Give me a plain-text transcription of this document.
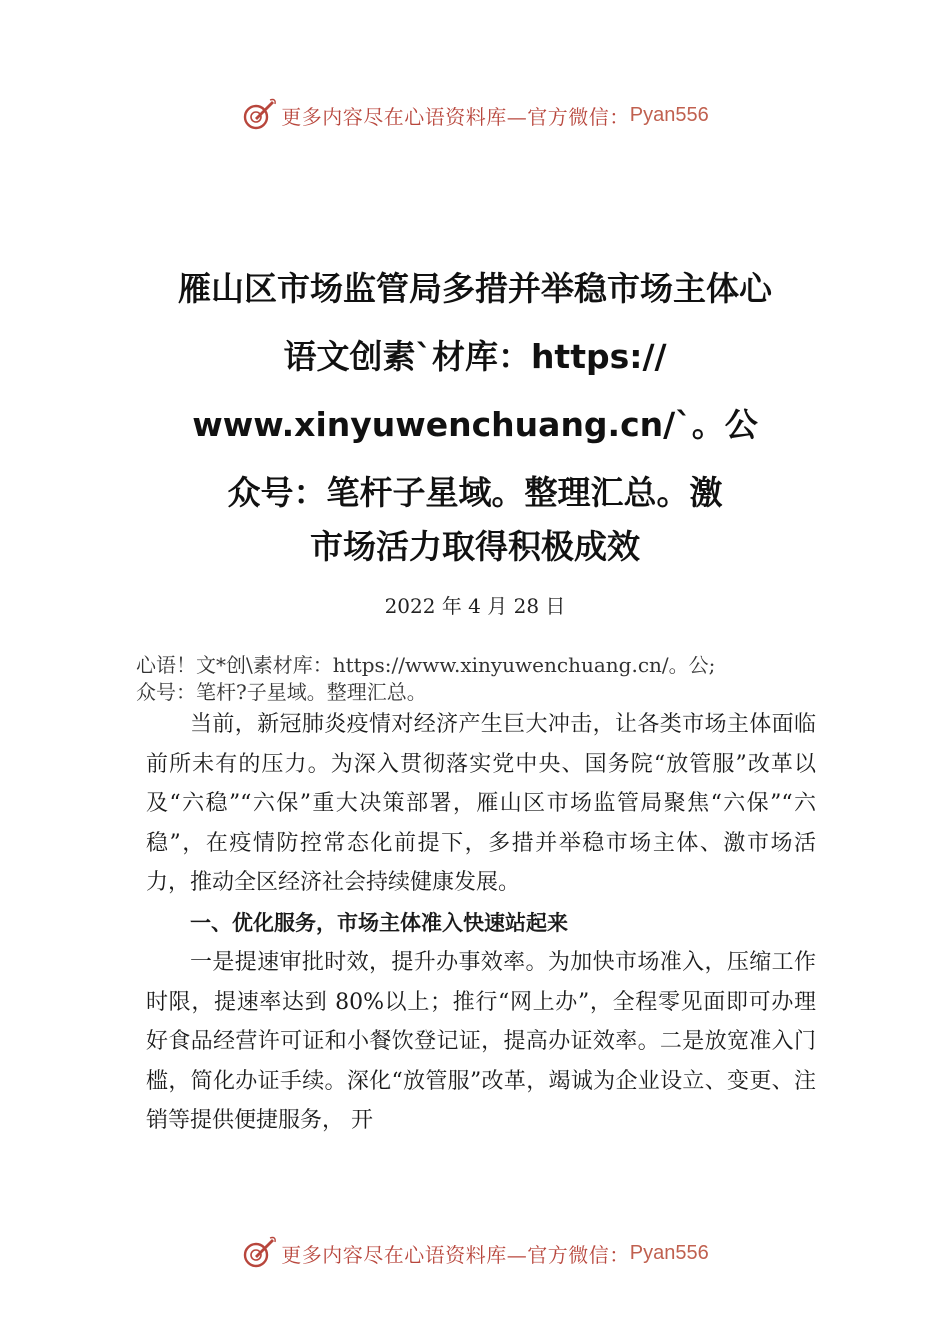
更多内容尽在心语资料库—官方微信： Pyan556
雁山区市场监管局多措并举稳市场主体心
语文创素`材库：https://
www.xinyuwenchuang.cn/`。公
众号：笔杆子星域。整理汇总。激
市场活力取得积极成效
2022 年 4 月 28 日
心语！文*创\素材库：https://www.xinyuwenchuang.cn/。公;
众号：笔杆?子星域。整理汇总。

当前，新冠肺炎疫情对经济产生巨大冲击，让各类市场主体面临前所未有的压力。为深入贯彻落实党中央、国务院“放管服”改革以及“六稳”“六保”重大决策部署，雁山区市场监管局聚焦“六保”“六稳”，在疫情防控常态化前提下，多措并举稳市场主体、激市场活力，推动全区经济社会持续健康发展。

一、优化服务，市场主体准入快速站起来

一是提速审批时效，提升办事效率。为加快市场准入，压缩工作时限，提速率达到 80%以上；推行“网上办”，全程零见面即可办理好食品经营许可证和小餐饮登记证，提高办证效率。二是放宽准入门槛，简化办证手续。深化“放管服”改革，竭诚为企业设立、变更、注销等提供便捷服务， 开

更多内容尽在心语资料库—官方微信： Pyan556
